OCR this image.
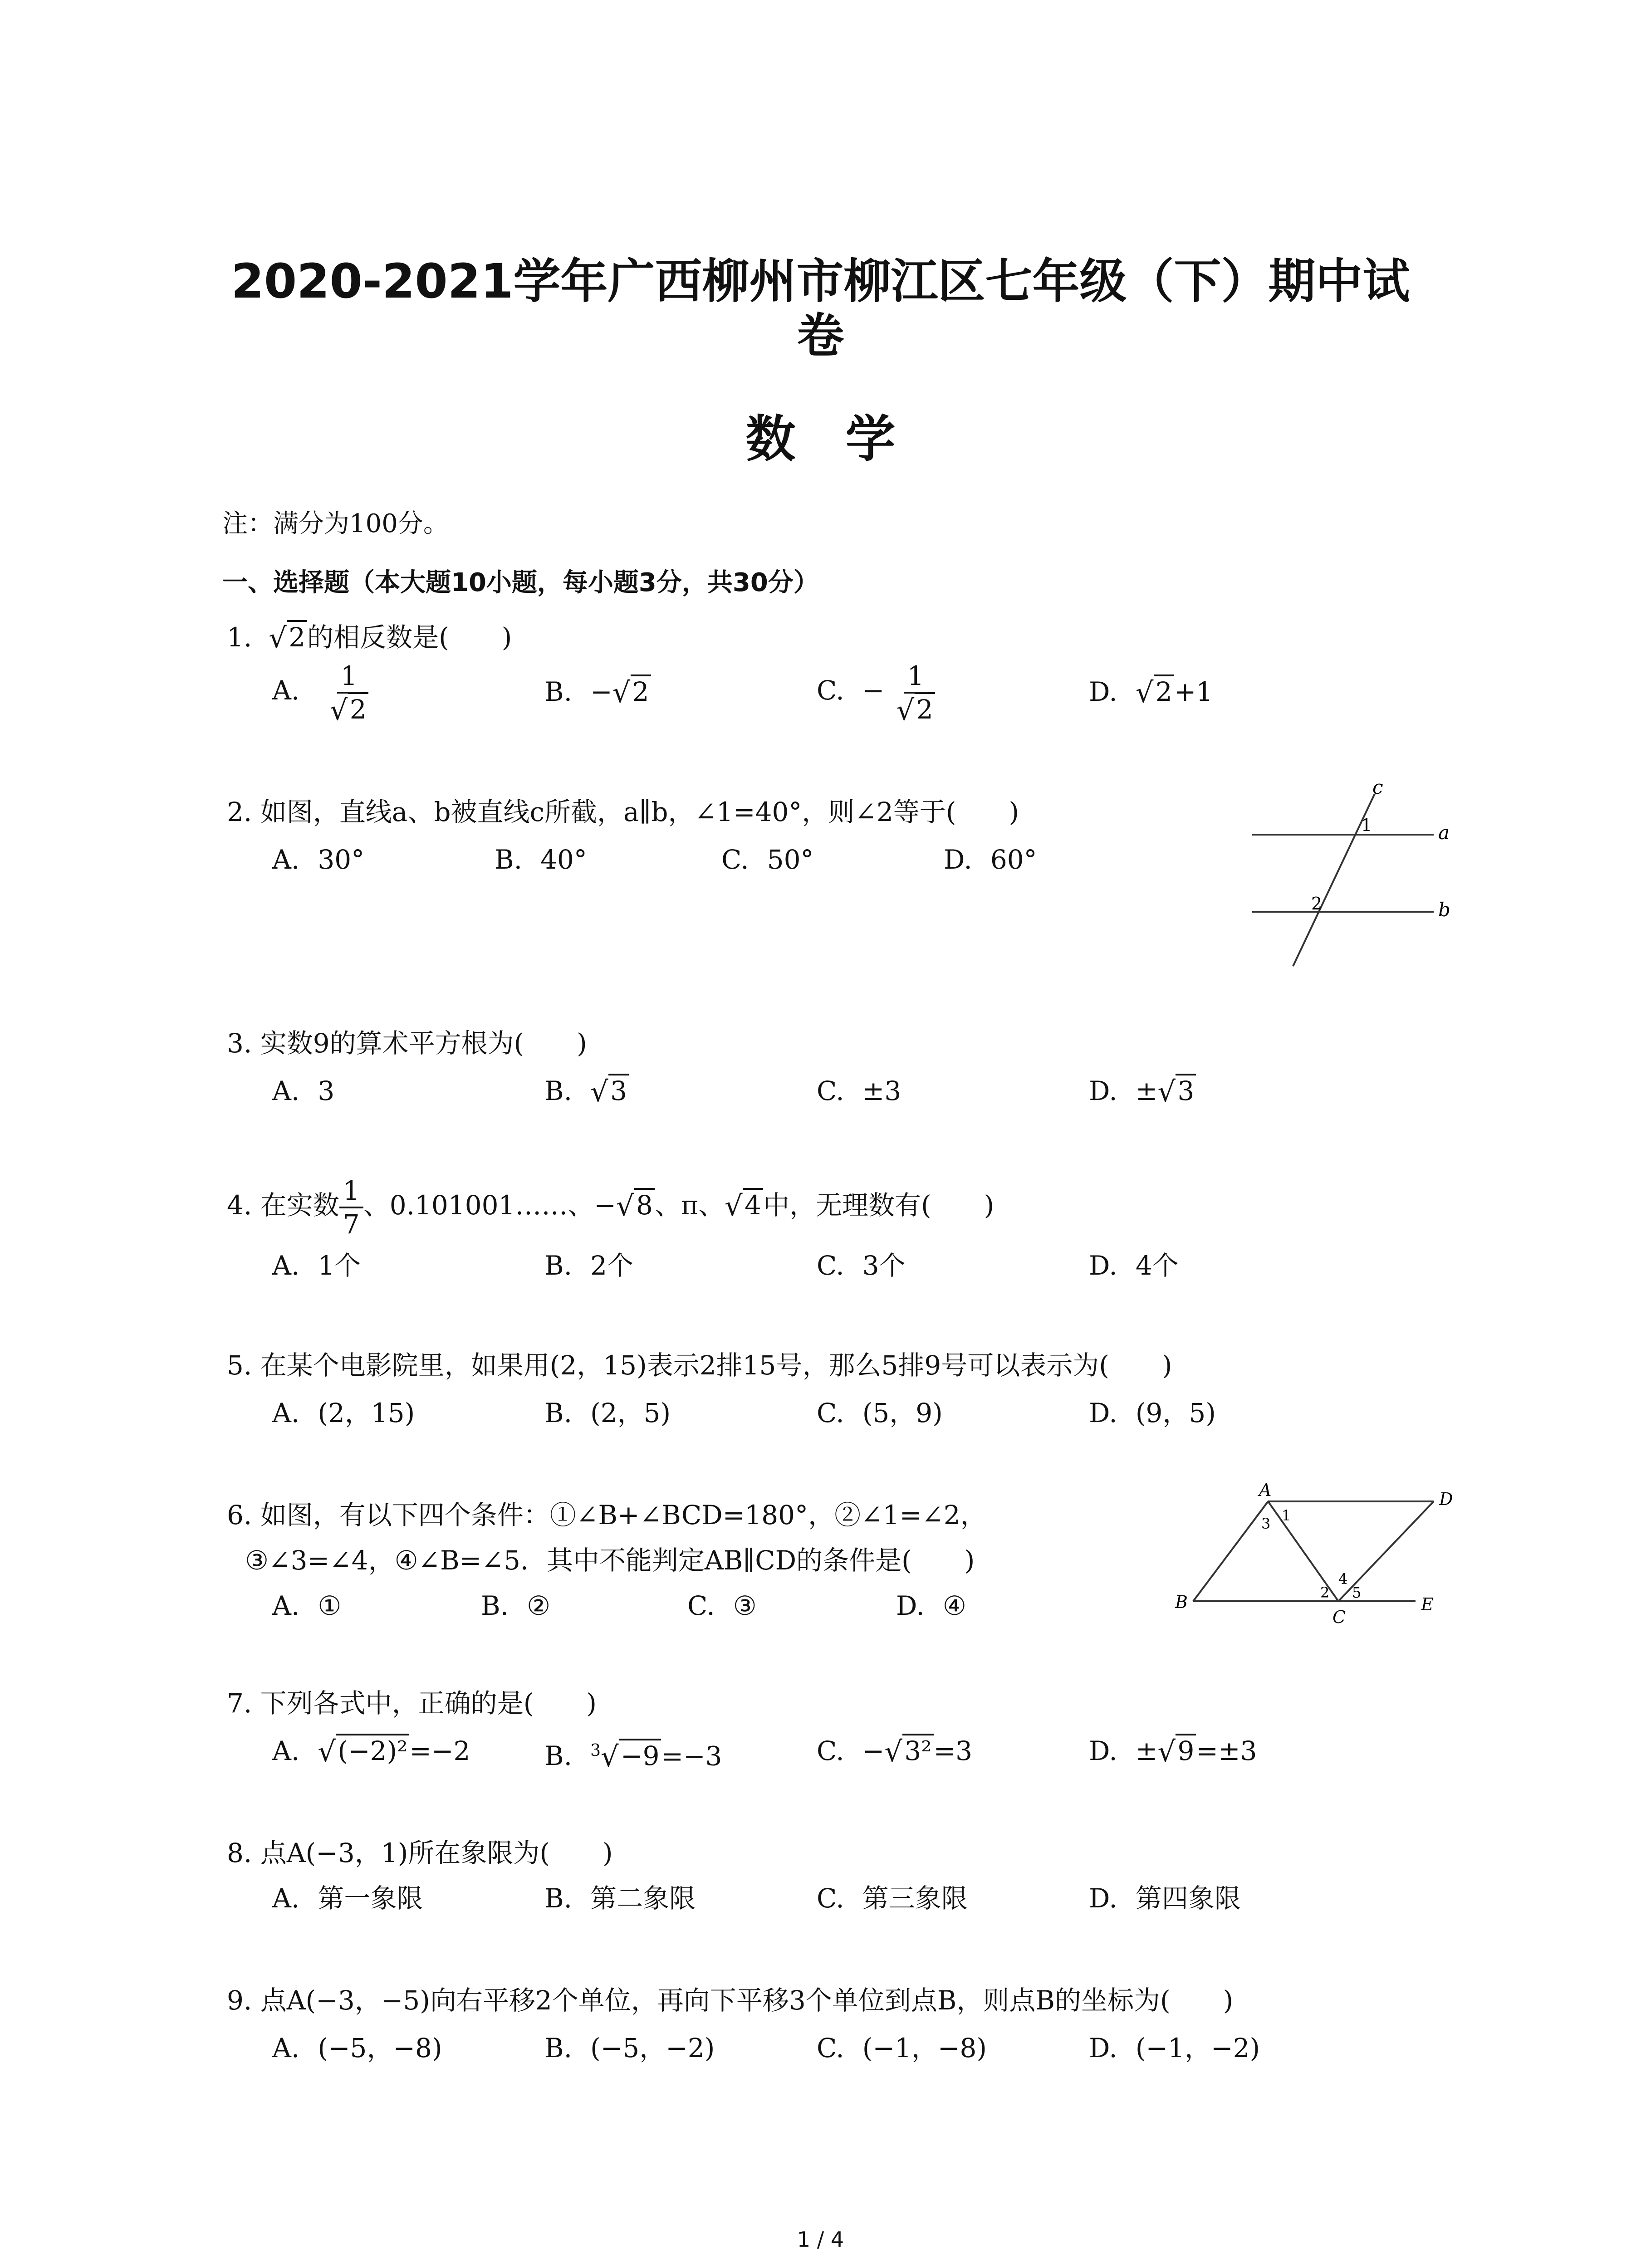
2020-2021学年广西柳州市柳江区七年级（下）期中试
卷
数学
注：满分为100分。
一、选择题（本大题10小题，每小题3分，共30分）
1. √ 2的相反数是(　　)
A. $\frac{1}{√ 2}$	B. − √ 2	C. − $\frac{1}{√ 2}$	D. √ 2+1
2. 如图，直线a、b被直线c所截，a∥b，∠1=40°，则∠2等于(　　)
A. 30°	B. 40°	C. 50°	D. 60°
c
a
b
1
2
3. 实数9的算术平方根为(　　)
A. 3	B. √ 3	C. ±3	D. ± √ 3
4. 在实数 $\frac{1}{7}$ 、0.101001……、− √ 8、π、 √ 4中，无理数有(　　)
A. 1个	B. 2个	C. 3个	D. 4个
5. 在某个电影院里，如果用(2，15)表示2排15号，那么5排9号可以表示为(　　)
A. (2，15)	B. (2，5)	C. (5，9)	D. (9，5)
6. 如图，有以下四个条件：①∠B+∠BCD=180°，②∠1=∠2，
③∠3=∠4，④∠B=∠5．其中不能判定AB∥CD的条件是(　　)
A. ①	B. ②	C. ③	D. ④
A	D
B
C
E
1
2
3
4
5
7. 下列各式中，正确的是(　　)
A. √ (−2)²=−2	B. $^3$ √ −9=−3	C. − √ 3²=3	D. ± √ 9=±3
8. 点A(−3，1)所在象限为(　　)
A. 第一象限	B. 第二象限	C. 第三象限	D. 第四象限
9. 点A(−3，−5)向右平移2个单位，再向下平移3个单位到点B，则点B的坐标为(　　)
A. (−5，−8)	B. (−5，−2)	C. (−1，−8)	D. (−1，−2)
1 / 4
